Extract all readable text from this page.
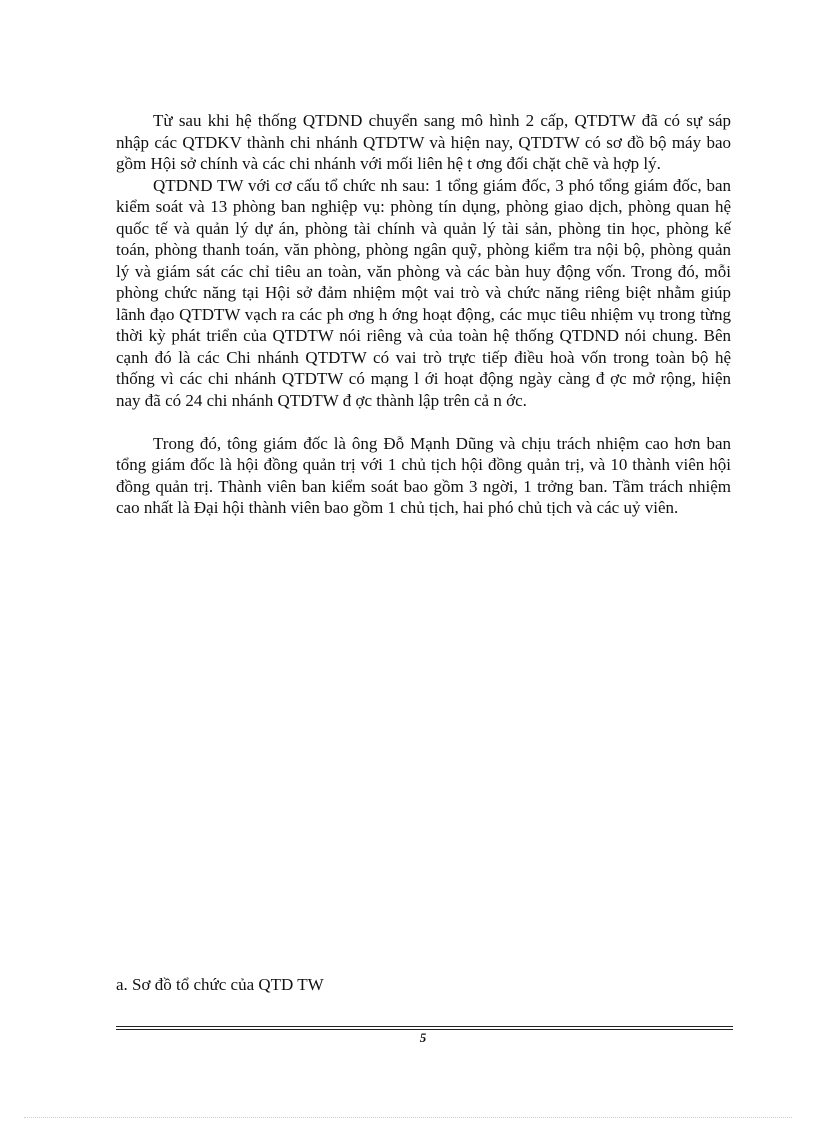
Từ sau khi hệ thống QTDND chuyển sang mô hình 2 cấp, QTDTW đã có sự sáp nhập các QTDKV thành chi nhánh QTDTW và hiện nay, QTDTW có sơ đồ bộ máy bao gồm Hội sở chính và các chi nhánh với mối liên hệ t ơng đối chặt chẽ và hợp lý.

QTDND TW với cơ cấu tổ chức nh sau: 1 tổng giám đốc, 3 phó tổng giám đốc, ban kiểm soát và 13 phòng ban nghiệp vụ: phòng tín dụng, phòng giao dịch, phòng quan hệ quốc tế và quản lý dự án, phòng tài chính và quản lý tài sản, phòng tin học, phòng kế toán, phòng thanh toán, văn phòng, phòng ngân quỹ, phòng kiểm tra nội bộ, phòng quản lý và giám sát các chỉ tiêu an toàn, văn phòng và các bàn huy động vốn. Trong đó, mỗi phòng chức năng tại Hội sở đảm nhiệm một vai trò và chức năng riêng biệt nhằm giúp lãnh đạo QTDTW vạch ra các ph ơng h ớng hoạt động, các mục tiêu nhiệm vụ trong từng thời kỳ phát triển của QTDTW nói riêng và của toàn hệ thống QTDND nói chung. Bên cạnh đó là các Chi nhánh QTDTW có vai trò trực tiếp điều hoà vốn trong toàn bộ hệ thống vì các chi nhánh QTDTW có mạng l ới hoạt động ngày càng đ ợc mở rộng, hiện nay đã có 24 chi nhánh QTDTW đ ợc thành lập trên cả n ớc.

Trong đó, tông giám đốc là ông Đỗ Mạnh Dũng và chịu trách nhiệm cao hơn ban tổng giám đốc là hội đồng quản trị với 1 chủ tịch hội đồng quản trị, và 10 thành viên hội đồng quản trị. Thành viên ban kiểm soát bao gồm 3 ngời, 1 trởng ban. Tầm trách nhiệm cao nhất là Đại hội thành viên bao gồm 1 chủ tịch, hai phó chủ tịch và các uỷ viên.

a. Sơ đồ tổ chức của QTD TW
5
